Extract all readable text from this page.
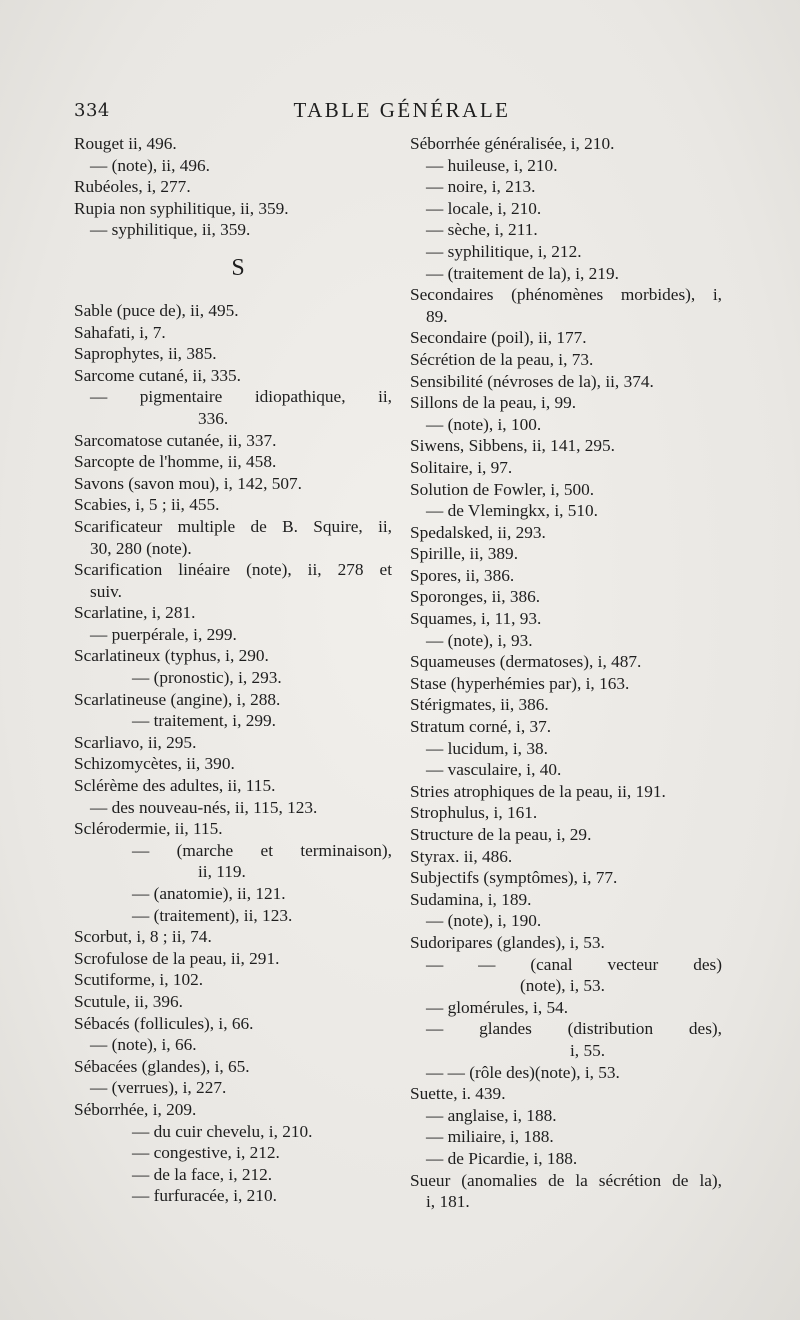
334	TABLE GÉNÉRALE
Rouget ii, 496.
— (note), ii, 496.
Rubéoles, i, 277.
Rupia non syphilitique, ii, 359.
— syphilitique, ii, 359.
S
Sable (puce de), ii, 495.
Sahafati, i, 7.
Saprophytes, ii, 385.
Sarcome cutané, ii, 335.
— pigmentaire idiopathique, ii,
336.
Sarcomatose cutanée, ii, 337.
Sarcopte de l'homme, ii, 458.
Savons (savon mou), i, 142, 507.
Scabies, i, 5 ; ii, 455.
Scarificateur multiple de B. Squire, ii,
30, 280 (note).
Scarification linéaire (note), ii, 278 et
suiv.
Scarlatine, i, 281.
— puerpérale, i, 299.
Scarlatineux (typhus, i, 290.
— (pronostic), i, 293.
Scarlatineuse (angine), i, 288.
— traitement, i, 299.
Scarliavo, ii, 295.
Schizomycètes, ii, 390.
Sclérème des adultes, ii, 115.
— des nouveau-nés, ii, 115, 123.
Sclérodermie, ii, 115.
— (marche et terminaison),
ii, 119.
— (anatomie), ii, 121.
— (traitement), ii, 123.
Scorbut, i, 8 ; ii, 74.
Scrofulose de la peau, ii, 291.
Scutiforme, i, 102.
Scutule, ii, 396.
Sébacés (follicules), i, 66.
— (note), i, 66.
Sébacées (glandes), i, 65.
— (verrues), i, 227.
Séborrhée, i, 209.
— du cuir chevelu, i, 210.
— congestive, i, 212.
— de la face, i, 212.
— furfuracée, i, 210.
Séborrhée généralisée, i, 210.
— huileuse, i, 210.
— noire, i, 213.
— locale, i, 210.
— sèche, i, 211.
— syphilitique, i, 212.
— (traitement de la), i, 219.
Secondaires (phénomènes morbides), i,
89.
Secondaire (poil), ii, 177.
Sécrétion de la peau, i, 73.
Sensibilité (névroses de la), ii, 374.
Sillons de la peau, i, 99.
— (note), i, 100.
Siwens, Sibbens, ii, 141, 295.
Solitaire, i, 97.
Solution de Fowler, i, 500.
— de Vlemingkx, i, 510.
Spedalsked, ii, 293.
Spirille, ii, 389.
Spores, ii, 386.
Sporonges, ii, 386.
Squames, i, 11, 93.
— (note), i, 93.
Squameuses (dermatoses), i, 487.
Stase (hyperhémies par), i, 163.
Stérigmates, ii, 386.
Stratum corné, i, 37.
— lucidum, i, 38.
— vasculaire, i, 40.
Stries atrophiques de la peau, ii, 191.
Strophulus, i, 161.
Structure de la peau, i, 29.
Styrax. ii, 486.
Subjectifs (symptômes), i, 77.
Sudamina, i, 189.
— (note), i, 190.
Sudoripares (glandes), i, 53.
— — (canal vecteur des)
(note), i, 53.
— glomérules, i, 54.
— glandes (distribution des),
i, 55.
— — (rôle des)(note), i, 53.
Suette, i. 439.
— anglaise, i, 188.
— miliaire, i, 188.
— de Picardie, i, 188.
Sueur (anomalies de la sécrétion de la),
i, 181.
